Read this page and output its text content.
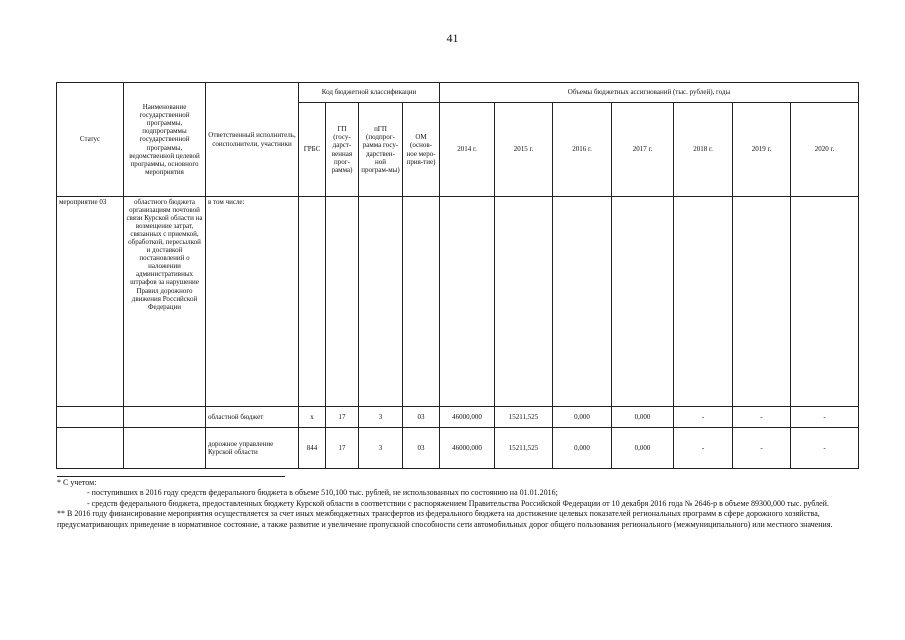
41
Статус	Наименование государственной программы, подпрограммы государственной программы, ведомственной целевой программы, основного мероприятия	Ответственный исполнитель, соисполнители, участники	Код бюджетной классификации				Объемы бюджетных ассигнований (тыс. рублей), годы						
			ГРБС	ГП (госу-дарст-венная прог-рамма)	пГП (подпрог-рамма госу-дарствен-ной програм-мы)	ОМ (основ-ное меро-прия-тие)	2014 г.	2015 г.	2016 г.	2017 г.	2018 г.	2019 г.	2020 г.
мероприятие 03	областного бюджета организациям почтовой связи Курской области на возмещение затрат, связанных с приемкой, обработкой, пересылкой и доставкой постановлений о наложении административных штрафов за нарушение Правил дорожного движения Российской Федерации	в том числе:											
		областной бюджет	х	17	3	03	46000,000	15211,525	0,000	0,000	-	-	-
		дорожное управление Курской области	844	17	3	03	46000,000	15211,525	0,000	0,000	-	-	-

* С учетом:

- поступивших в 2016 году средств федерального бюджета в объеме 510,100 тыс. рублей, не использованных по состоянию на 01.01.2016;

- средств федерального бюджета, предоставленных бюджету Курской области в соответствии с распоряжением Правительства Российской Федерации от 10 декабря 2016 года № 2646-р в объеме 89300,000 тыс. рублей.

** В 2016 году финансирование мероприятия осуществляется за счет иных межбюджетных трансфертов из федерального бюджета на достижение целевых показателей региональных программ в сфере дорожного хозяйства, предусматривающих приведение в нормативное состояние, а также развитие и увеличение пропускной способности сети автомобильных дорог общего пользования регионального (межмуниципального) или местного значения.
